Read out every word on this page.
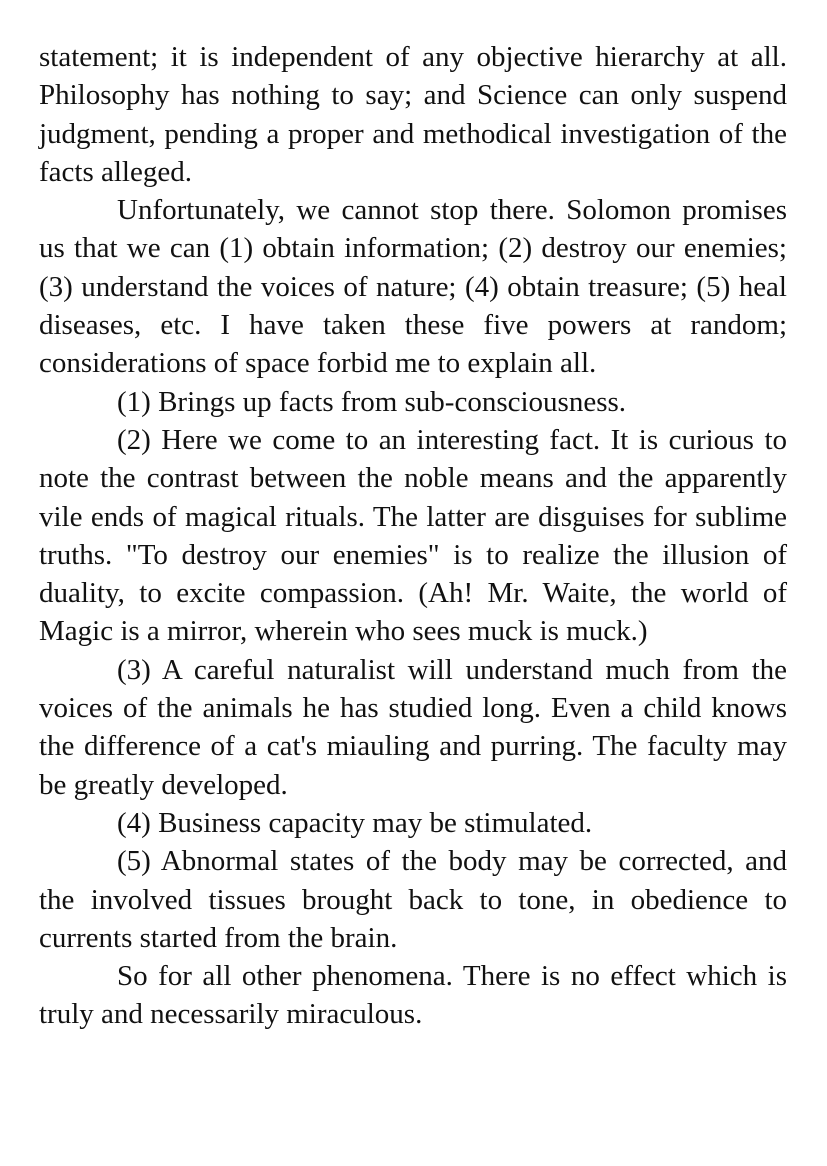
statement; it is independent of any objective hierarchy at all. Philosophy has nothing to say; and Science can only suspend judgment, pending a proper and methodical investigation of the facts alleged.

Unfortunately, we cannot stop there. Solomon promises us that we can (1) obtain information; (2) destroy our enemies; (3) understand the voices of nature; (4) obtain treasure; (5) heal diseases, etc. I have taken these five powers at random; considerations of space forbid me to explain all.

(1) Brings up facts from sub-consciousness.

(2) Here we come to an interesting fact. It is curious to note the contrast between the noble means and the apparently vile ends of magical rituals. The latter are disguises for sublime truths. "To destroy our enemies" is to realize the illusion of duality, to excite compassion. (Ah! Mr. Waite, the world of Magic is a mirror, wherein who sees muck is muck.)

(3) A careful naturalist will understand much from the voices of the animals he has studied long. Even a child knows the difference of a cat's miauling and purring. The faculty may be greatly developed.

(4) Business capacity may be stimulated.

(5) Abnormal states of the body may be corrected, and the involved tissues brought back to tone, in obedience to currents started from the brain.

So for all other phenomena. There is no effect which is truly and necessarily miraculous.
